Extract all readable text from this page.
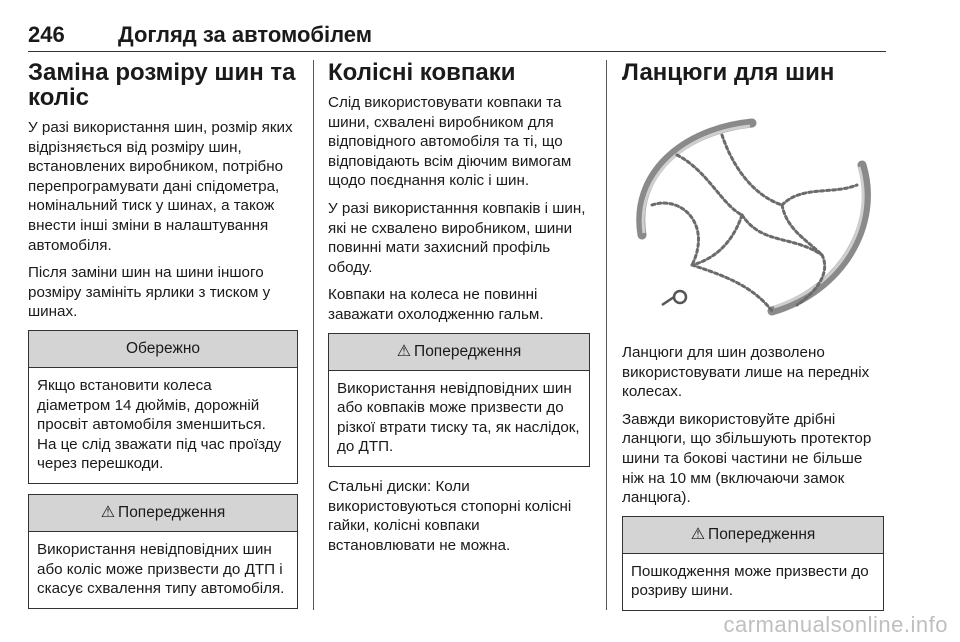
246 Догляд за автомобілем
Заміна розміру шин та коліс

У разі використання шин, розмір яких відрізняється від розміру шин, встановлених виробником, потрібно перепрограмувати дані спідометра, номінальний тиск у шинах, а також внести інші зміни в налаштування автомобіля.

Після заміни шин на шини іншого розміру замініть ярлики з тиском у шинах.

Обережно
Якщо встановити колеса діаметром 14 дюймів, дорожній просвіт автомобіля зменшиться. На це слід зважати під час проїзду через перешкоди.
⚠ Попередження
Використання невідповідних шин або коліс може призвести до ДТП і скасує схвалення типу автомобіля.
Колісні ковпаки

Слід використовувати ковпаки та шини, схвалені виробником для відповідного автомобіля та ті, що відповідають всім діючим вимогам щодо поєднання коліс і шин.

У разі використанння ковпаків і шин, які не схвалено виробником, шини повинні мати захисний профіль ободу.

Ковпаки на колеса не повинні заважати охолодженню гальм.

⚠ Попередження
Використання невідповідних шин або ковпаків може призвести до різкої втрати тиску та, як наслідок, до ДТП.

Стальні диски: Коли використовуються стопорні колісні гайки, колісні ковпаки встановлювати не можна.

Ланцюги для шин

Ланцюги для шин дозволено використовувати лише на передніх колесах.

Завжди використовуйте дрібні ланцюги, що збільшують протектор шини та бокові частини не більше ніж на 10 мм (включаючи замок ланцюга).

⚠ Попередження
Пошкодження може призвести до розриву шини.
carmanualsonline.info
